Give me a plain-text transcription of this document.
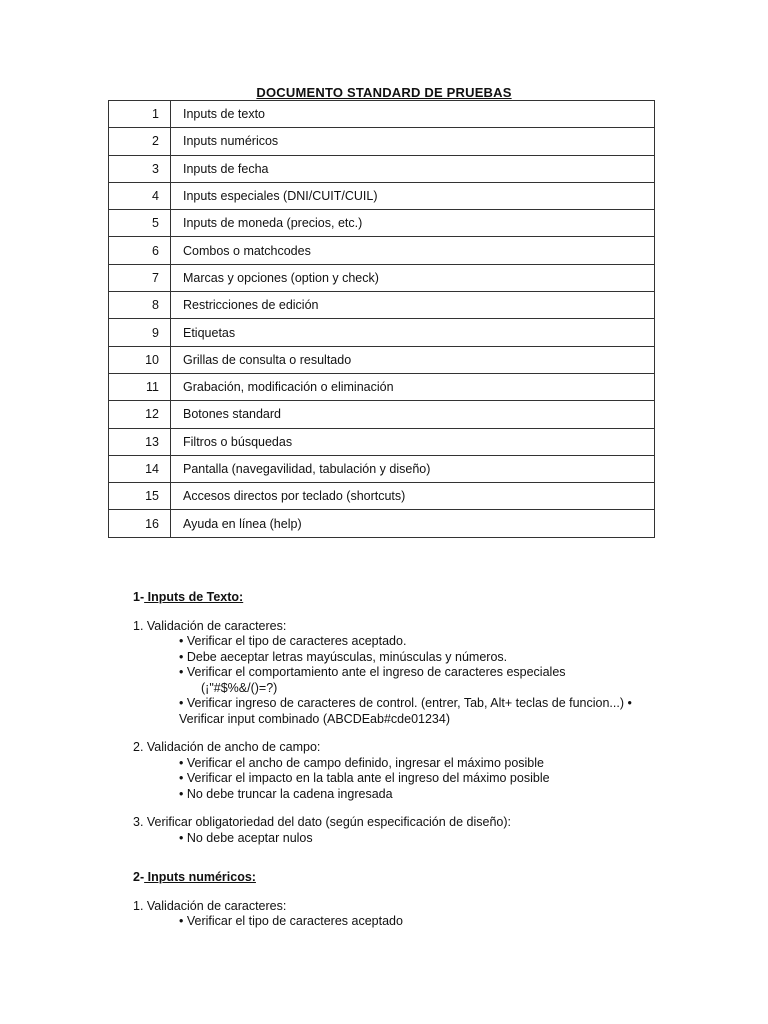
DOCUMENTO STANDARD DE PRUEBAS
1	Inputs de texto
2	Inputs numéricos
3	Inputs de fecha
4	Inputs especiales (DNI/CUIT/CUIL)
5	Inputs de moneda (precios, etc.)
6	Combos o matchcodes
7	Marcas y opciones (option y check)
8	Restricciones de edición
9	Etiquetas
10	Grillas de consulta o resultado
11	Grabación, modificación o eliminación
12	Botones standard
13	Filtros o búsquedas
14	Pantalla (navegavilidad, tabulación y diseño)
15	Accesos directos por teclado (shortcuts)
16	Ayuda en línea (help)
1- Inputs de Texto:
1. Validación de caracteres:
• Verificar el tipo de caracteres aceptado.
• Debe aeceptar letras mayúsculas, minúsculas y números.
• Verificar el comportamiento ante el ingreso de caracteres especiales
(¡"#$%&/()=?)
• Verificar ingreso de caracteres de control. (entrer, Tab, Alt+ teclas de funcion...) •
Verificar input combinado (ABCDEab#cde01234)
2. Validación de ancho de campo:
• Verificar el ancho de campo definido, ingresar el máximo posible
• Verificar el impacto en la tabla ante el ingreso del máximo posible
• No debe truncar la cadena ingresada
3. Verificar obligatoriedad del dato (según especificación de diseño):
• No debe aceptar nulos
2- Inputs numéricos:
1. Validación de caracteres:
• Verificar el tipo de caracteres aceptado
